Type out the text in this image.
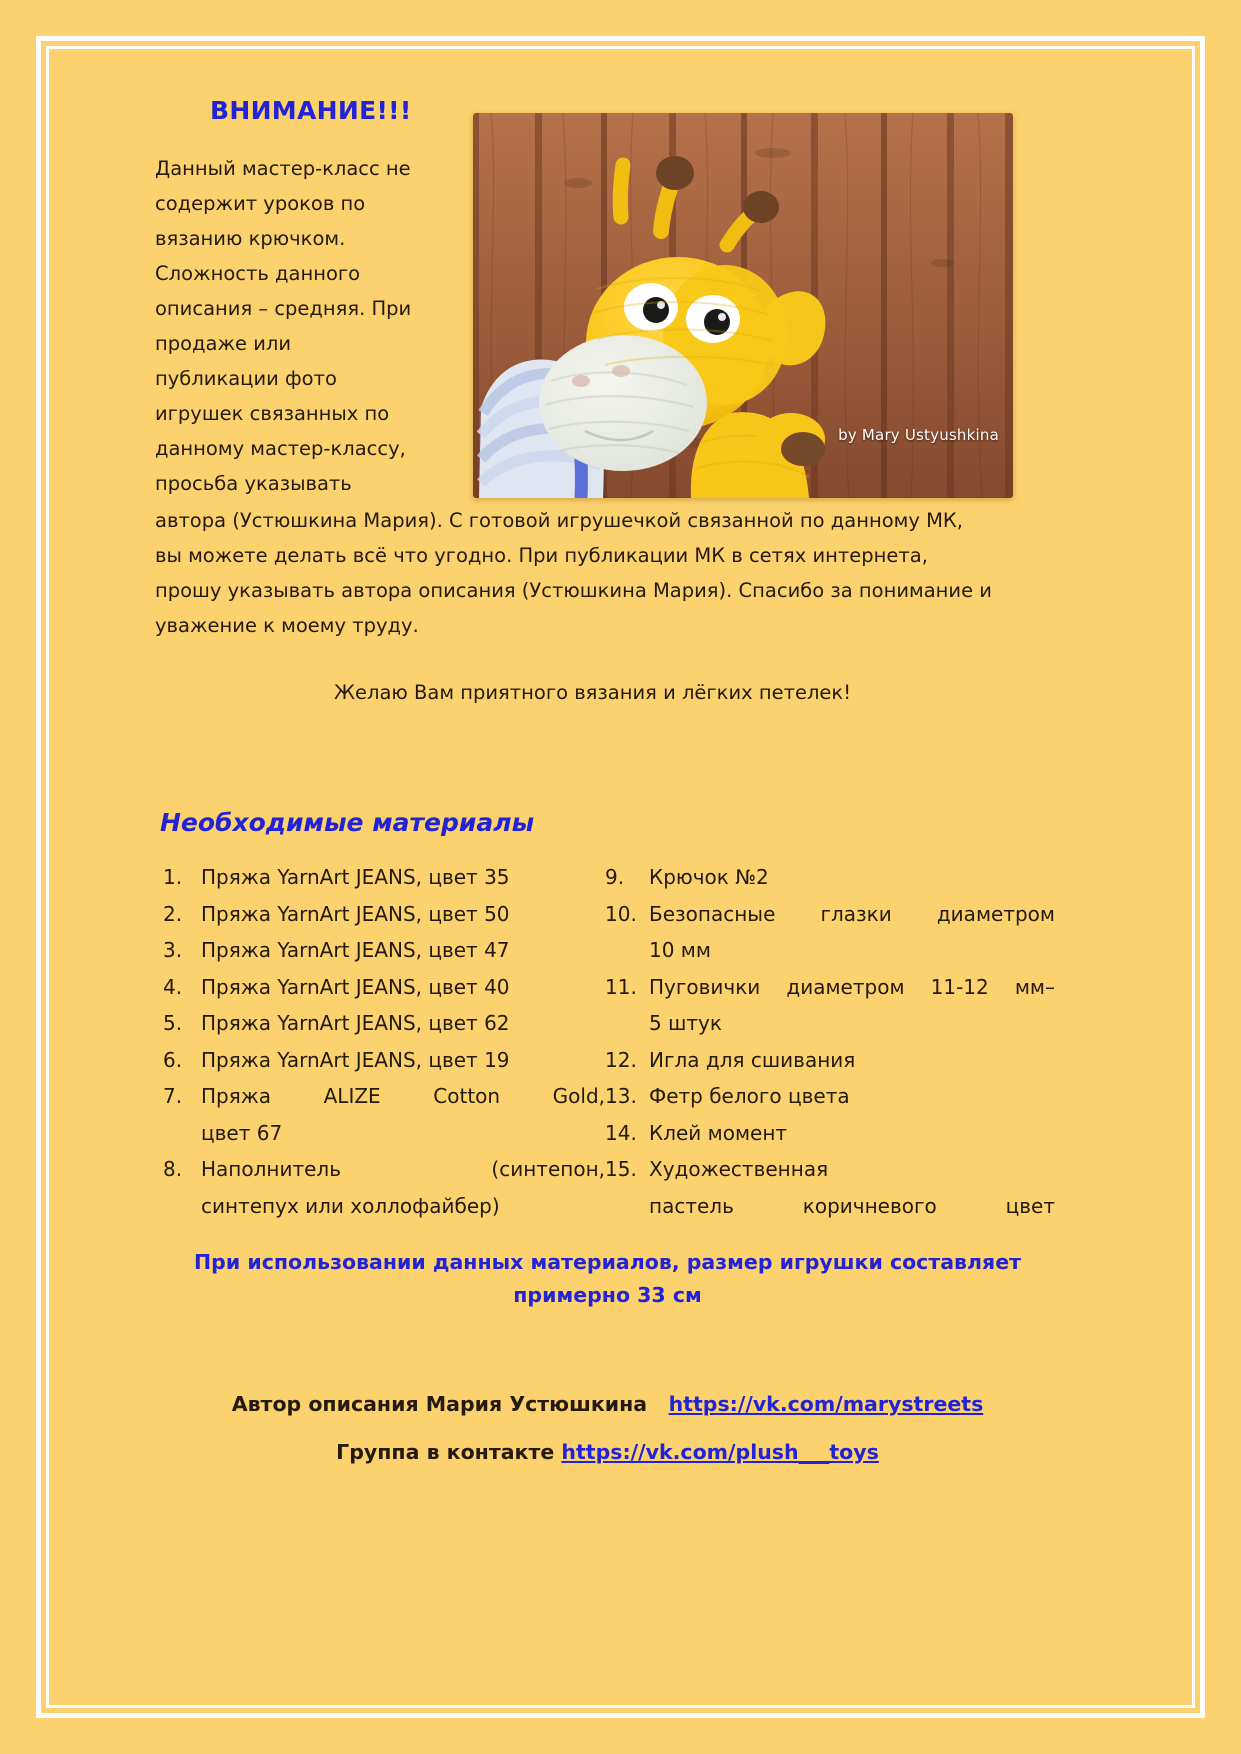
by Mary Ustyushkina
ВНИМАНИЕ!!!
Данный мастер-класс не
содержит уроков по
вязанию крючком.
Сложность данного
описания – средняя. При
продаже или
публикации фото
игрушек связанных по
данному мастер-классу,
просьба указывать
автора (Устюшкина Мария). С готовой игрушечкой связанной по данному МК,
вы можете делать всё что угодно. При публикации МК в сетях интернета,
прошу указывать автора описания (Устюшкина Мария). Спасибо за понимание и
уважение к моему труду.
Желаю Вам приятного вязания и лёгких петелек!
Необходимые материалы
1. Пряжа YarnArt JEANS, цвет 35
2. Пряжа YarnArt JEANS, цвет 50
3. Пряжа YarnArt JEANS, цвет 47
4. Пряжа YarnArt JEANS, цвет 40
5. Пряжа YarnArt JEANS, цвет 62
6. Пряжа YarnArt JEANS, цвет 19
7. Пряжа ALIZE Cotton Gold,
цвет 67
8. Наполнитель (синтепон,
синтепух или холлофайбер)
9.	Крючок №2
10. Безопасные глазки диаметром
10 мм
11. Пуговички диаметром 11-12 мм–
5 штук
12. Игла для сшивания
13. Фетр белого цвета
14. Клей момент
15. Художественная
пастель коричневого цвет
При использовании данных материалов, размер игрушки составляет
примерно 33 см
Автор описания Мария Устюшкина https://vk.com/marystreets
Группа в контакте https://vk.com/plush___toys
